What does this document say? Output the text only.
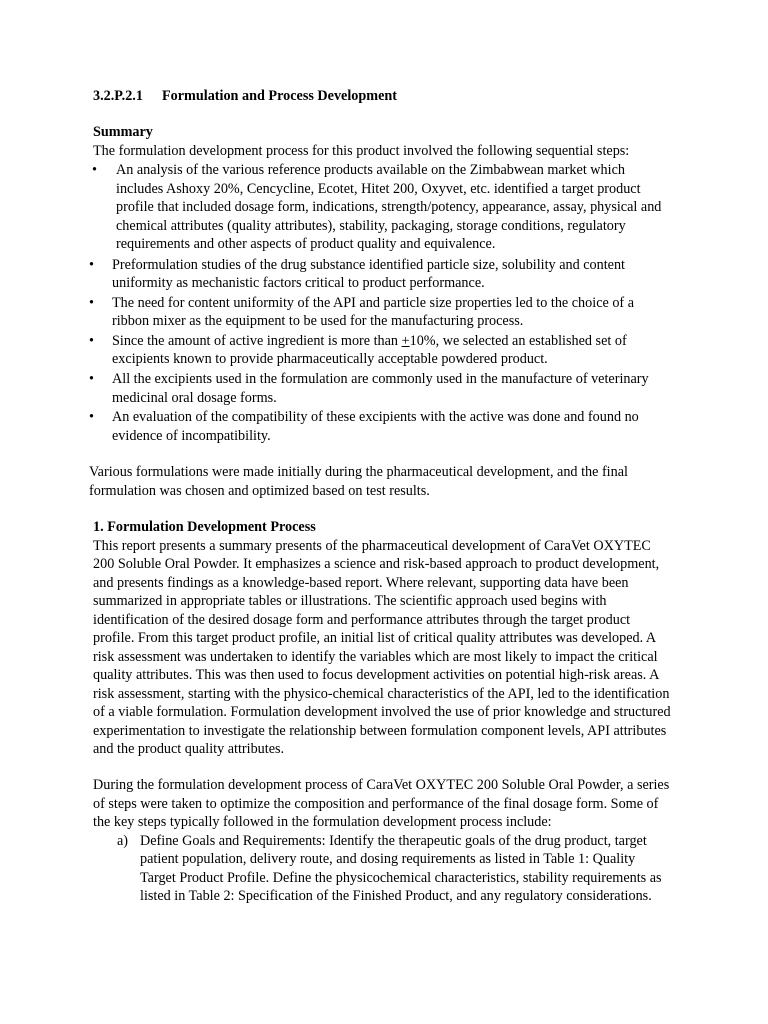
3.2.P.2.1 Formulation and Process Development
Summary
The formulation development process for this product involved the following sequential steps:
• An analysis of the various reference products available on the Zimbabwean market which
includes Ashoxy 20%, Cencycline, Ecotet, Hitet 200, Oxyvet, etc. identified a target product
profile that included dosage form, indications, strength/potency, appearance, assay, physical and
chemical attributes (quality attributes), stability, packaging, storage conditions, regulatory
requirements and other aspects of product quality and equivalence.
• Preformulation studies of the drug substance identified particle size, solubility and content
uniformity as mechanistic factors critical to product performance.
• The need for content uniformity of the API and particle size properties led to the choice of a
ribbon mixer as the equipment to be used for the manufacturing process.
• Since the amount of active ingredient is more than +10%, we selected an established set of
excipients known to provide pharmaceutically acceptable powdered product.
• All the excipients used in the formulation are commonly used in the manufacture of veterinary
medicinal oral dosage forms.
• An evaluation of the compatibility of these excipients with the active was done and found no
evidence of incompatibility.
Various formulations were made initially during the pharmaceutical development, and the final
formulation was chosen and optimized based on test results.
1. Formulation Development Process
This report presents a summary presents of the pharmaceutical development of CaraVet OXYTEC
200 Soluble Oral Powder. It emphasizes a science and risk-based approach to product development,
and presents findings as a knowledge-based report. Where relevant, supporting data have been
summarized in appropriate tables or illustrations. The scientific approach used begins with
identification of the desired dosage form and performance attributes through the target product
profile. From this target product profile, an initial list of critical quality attributes was developed. A
risk assessment was undertaken to identify the variables which are most likely to impact the critical
quality attributes. This was then used to focus development activities on potential high-risk areas. A
risk assessment, starting with the physico-chemical characteristics of the API, led to the identification
of a viable formulation. Formulation development involved the use of prior knowledge and structured
experimentation to investigate the relationship between formulation component levels, API attributes
and the product quality attributes.
During the formulation development process of CaraVet OXYTEC 200 Soluble Oral Powder, a series
of steps were taken to optimize the composition and performance of the final dosage form. Some of
the key steps typically followed in the formulation development process include:
a) Define Goals and Requirements: Identify the therapeutic goals of the drug product, target
patient population, delivery route, and dosing requirements as listed in Table 1: Quality
Target Product Profile. Define the physicochemical characteristics, stability requirements as
listed in Table 2: Specification of the Finished Product, and any regulatory considerations.
